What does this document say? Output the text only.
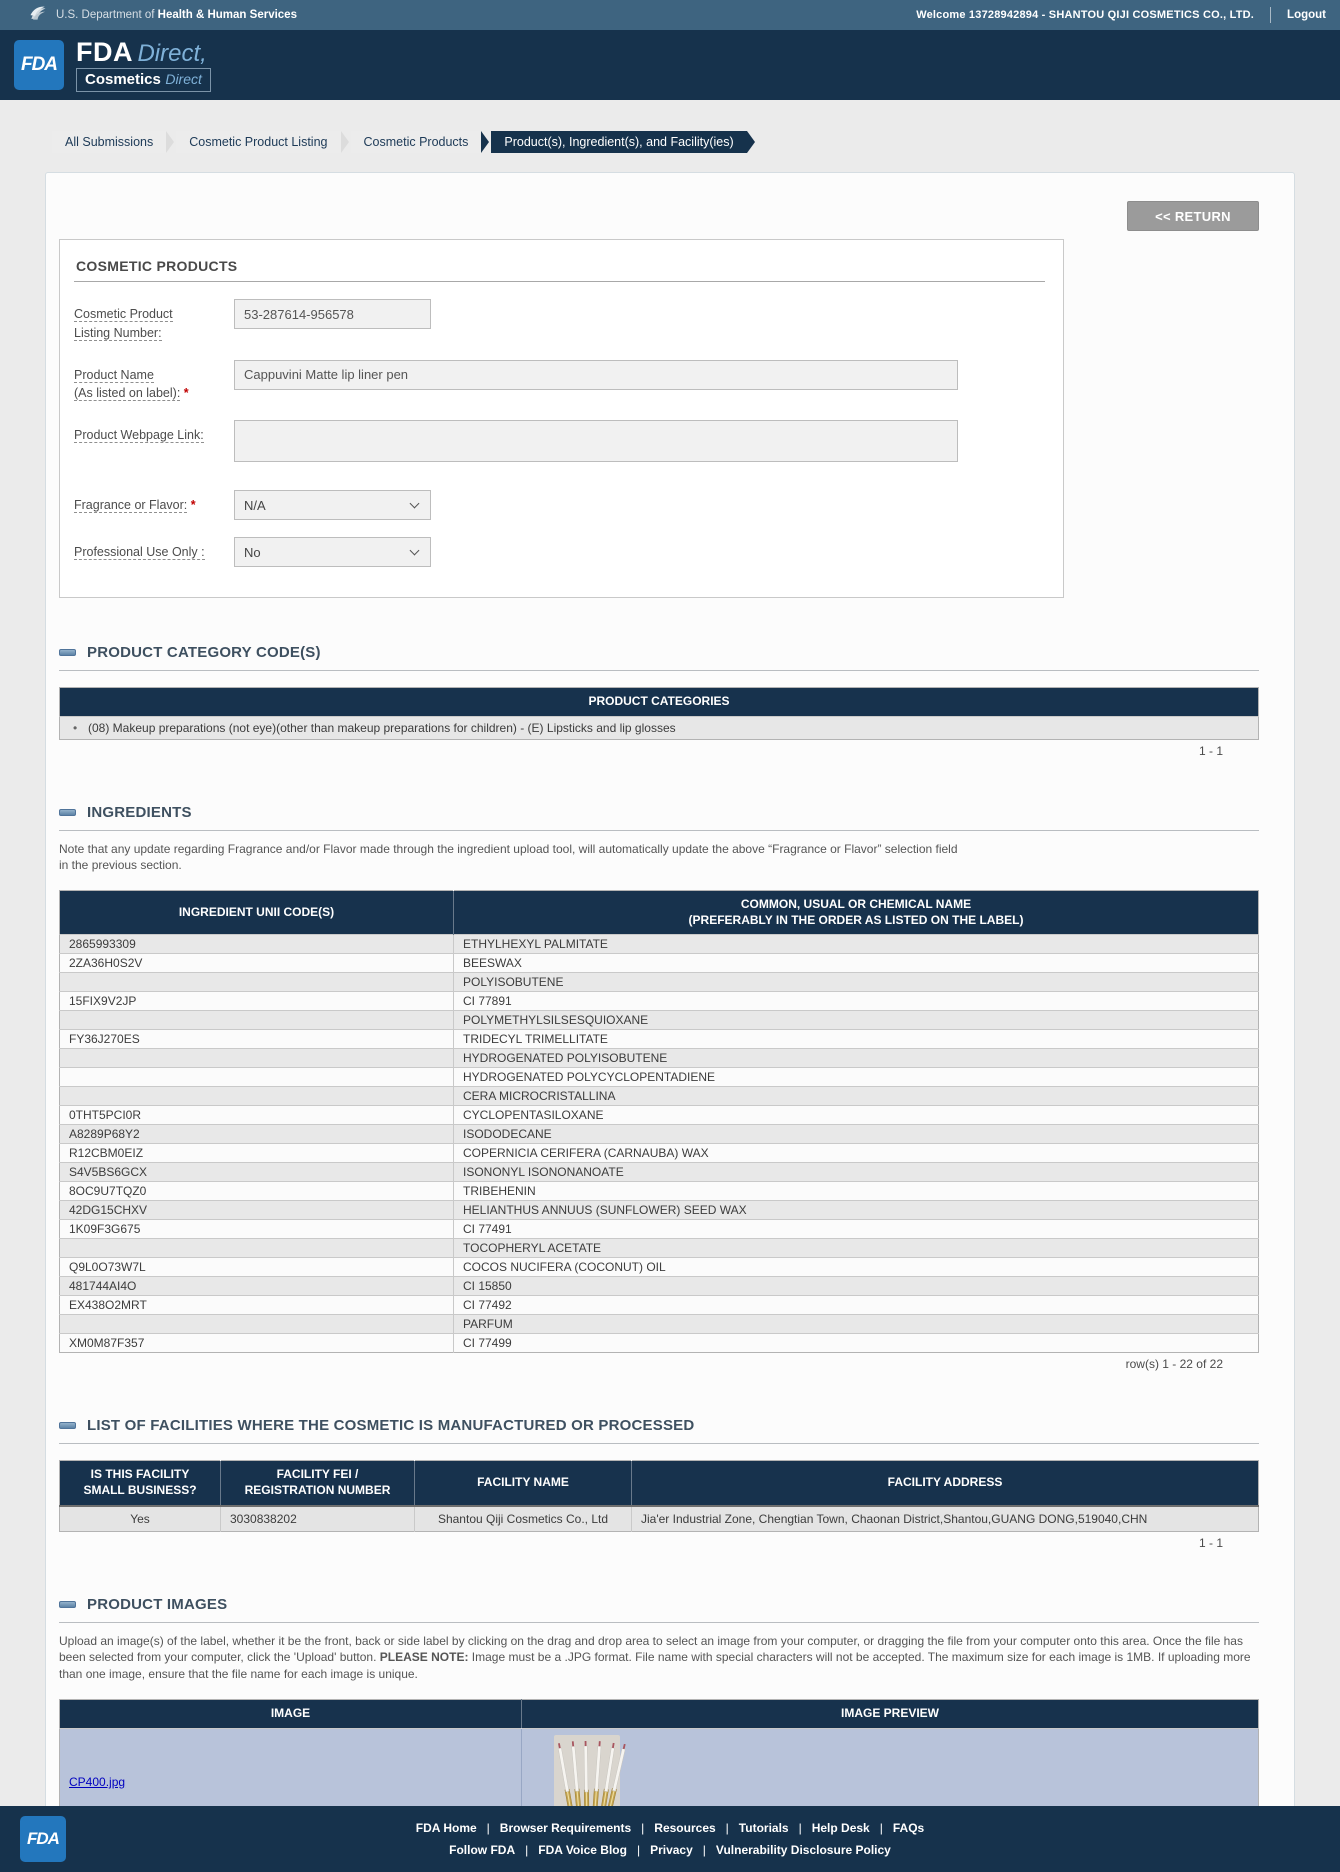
U.S. Department of Health & Human Services	Welcome 13728942894 - SHANTOU QIJI COSMETICS CO., LTD.	Logout
FDA FDA Direct,
Cosmetics Direct
All Submissions	Cosmetic Product Listing	Cosmetic Products	Product(s), Ingredient(s), and Facility(ies)
<< RETURN
COSMETIC PRODUCTS
Cosmetic Product
Listing Number:
53-287614-956578
Product Name
(As listed on label): *
Cappuvini Matte lip liner pen
Product Webpage Link:
Fragrance or Flavor: *	N/A
Professional Use Only :	No
PRODUCT CATEGORY CODE(S)
PRODUCT CATEGORIES
• (08) Makeup preparations (not eye)(other than makeup preparations for children) - (E) Lipsticks and lip glosses
1 - 1
INGREDIENTS
Note that any update regarding Fragrance and/or Flavor made through the ingredient upload tool, will automatically update the above “Fragrance or Flavor” selection field
in the previous section.
INGREDIENT UNII CODE(S)	COMMON, USUAL OR CHEMICAL NAME
(PREFERABLY IN THE ORDER AS LISTED ON THE LABEL)
2865993309	ETHYLHEXYL PALMITATE
2ZA36H0S2V	BEESWAX
	POLYISOBUTENE
15FIX9V2JP	CI 77891
	POLYMETHYLSILSESQUIOXANE
FY36J270ES	TRIDECYL TRIMELLITATE
	HYDROGENATED POLYISOBUTENE
	HYDROGENATED POLYCYCLOPENTADIENE
	CERA MICROCRISTALLINA
0THT5PCI0R	CYCLOPENTASILOXANE
A8289P68Y2	ISODODECANE
R12CBM0EIZ	COPERNICIA CERIFERA (CARNAUBA) WAX
S4V5BS6GCX	ISONONYL ISONONANOATE
8OC9U7TQZ0	TRIBEHENIN
42DG15CHXV	HELIANTHUS ANNUUS (SUNFLOWER) SEED WAX
1K09F3G675	CI 77491
	TOCOPHERYL ACETATE
Q9L0O73W7L	COCOS NUCIFERA (COCONUT) OIL
481744AI4O	CI 15850
EX438O2MRT	CI 77492
	PARFUM
XM0M87F357	CI 77499
row(s) 1 - 22 of 22
LIST OF FACILITIES WHERE THE COSMETIC IS MANUFACTURED OR PROCESSED
IS THIS FACILITY
SMALL BUSINESS?	FACILITY FEI /
REGISTRATION NUMBER	FACILITY NAME	FACILITY ADDRESS
Yes	3030838202	Shantou Qiji Cosmetics Co., Ltd	Jia'er Industrial Zone, Chengtian Town, Chaonan District,Shantou,GUANG DONG,519040,CHN
1 - 1
PRODUCT IMAGES
Upload an image(s) of the label, whether it be the front, back or side label by clicking on the drag and drop area to select an image from your computer, or dragging the file from your computer onto this area. Once the file has been selected from your computer, click the 'Upload' button. PLEASE NOTE: Image must be a .JPG format. File name with special characters will not be accepted. The maximum size for each image is 1MB. If uploading more than one image, ensure that the file name for each image is unique.
IMAGE	IMAGE PREVIEW
CP400.jpg	
FDA
FDA Home | Browser Requirements | Resources | Tutorials | Help Desk | FAQs
Follow FDA | FDA Voice Blog | Privacy | Vulnerability Disclosure Policy
